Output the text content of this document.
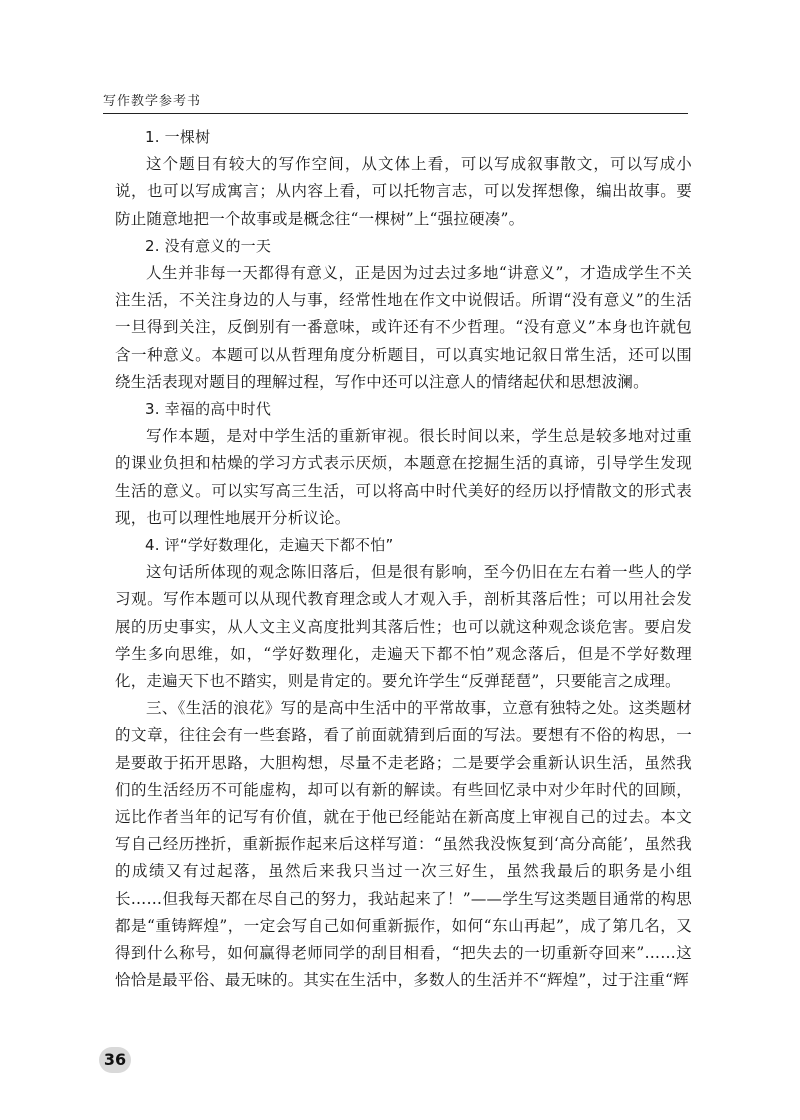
写作教学参考书

1. 一棵树

这个题目有较大的写作空间，从文体上看，可以写成叙事散文，可以写成小说，也可以写成寓言；从内容上看，可以托物言志，可以发挥想像，编出故事。要防止随意地把一个故事或是概念往“一棵树”上“强拉硬凑”。

2. 没有意义的一天

人生并非每一天都得有意义，正是因为过去过多地“讲意义”，才造成学生不关注生活，不关注身边的人与事，经常性地在作文中说假话。所谓“没有意义”的生活一旦得到关注，反倒别有一番意味，或许还有不少哲理。“没有意义”本身也许就包含一种意义。本题可以从哲理角度分析题目，可以真实地记叙日常生活，还可以围绕生活表现对题目的理解过程，写作中还可以注意人的情绪起伏和思想波澜。

3. 幸福的高中时代

写作本题，是对中学生活的重新审视。很长时间以来，学生总是较多地对过重的课业负担和枯燥的学习方式表示厌烦，本题意在挖掘生活的真谛，引导学生发现生活的意义。可以实写高三生活，可以将高中时代美好的经历以抒情散文的形式表现，也可以理性地展开分析议论。

4. 评“学好数理化，走遍天下都不怕”

这句话所体现的观念陈旧落后，但是很有影响，至今仍旧在左右着一些人的学习观。写作本题可以从现代教育理念或人才观入手，剖析其落后性；可以用社会发展的历史事实，从人文主义高度批判其落后性；也可以就这种观念谈危害。要启发学生多向思维，如，“学好数理化，走遍天下都不怕”观念落后，但是不学好数理化，走遍天下也不踏实，则是肯定的。要允许学生“反弹琵琶”，只要能言之成理。

三、《生活的浪花》写的是高中生活中的平常故事，立意有独特之处。这类题材的文章，往往会有一些套路，看了前面就猜到后面的写法。要想有不俗的构思，一是要敢于拓开思路，大胆构想，尽量不走老路；二是要学会重新认识生活，虽然我们的生活经历不可能虚构，却可以有新的解读。有些回忆录中对少年时代的回顾，远比作者当年的记写有价值，就在于他已经能站在新高度上审视自己的过去。本文写自己经历挫折，重新振作起来后这样写道：“虽然我没恢复到‘高分高能’，虽然我的成绩又有过起落，虽然后来我只当过一次三好生，虽然我最后的职务是小组长……但我每天都在尽自己的努力，我站起来了！”——学生写这类题目通常的构思都是“重铸辉煌”，一定会写自己如何重新振作，如何“东山再起”，成了第几名，又得到什么称号，如何赢得老师同学的刮目相看，“把失去的一切重新夺回来”……这恰恰是最平俗、最无味的。其实在生活中，多数人的生活并不“辉煌”，过于注重“辉

36
